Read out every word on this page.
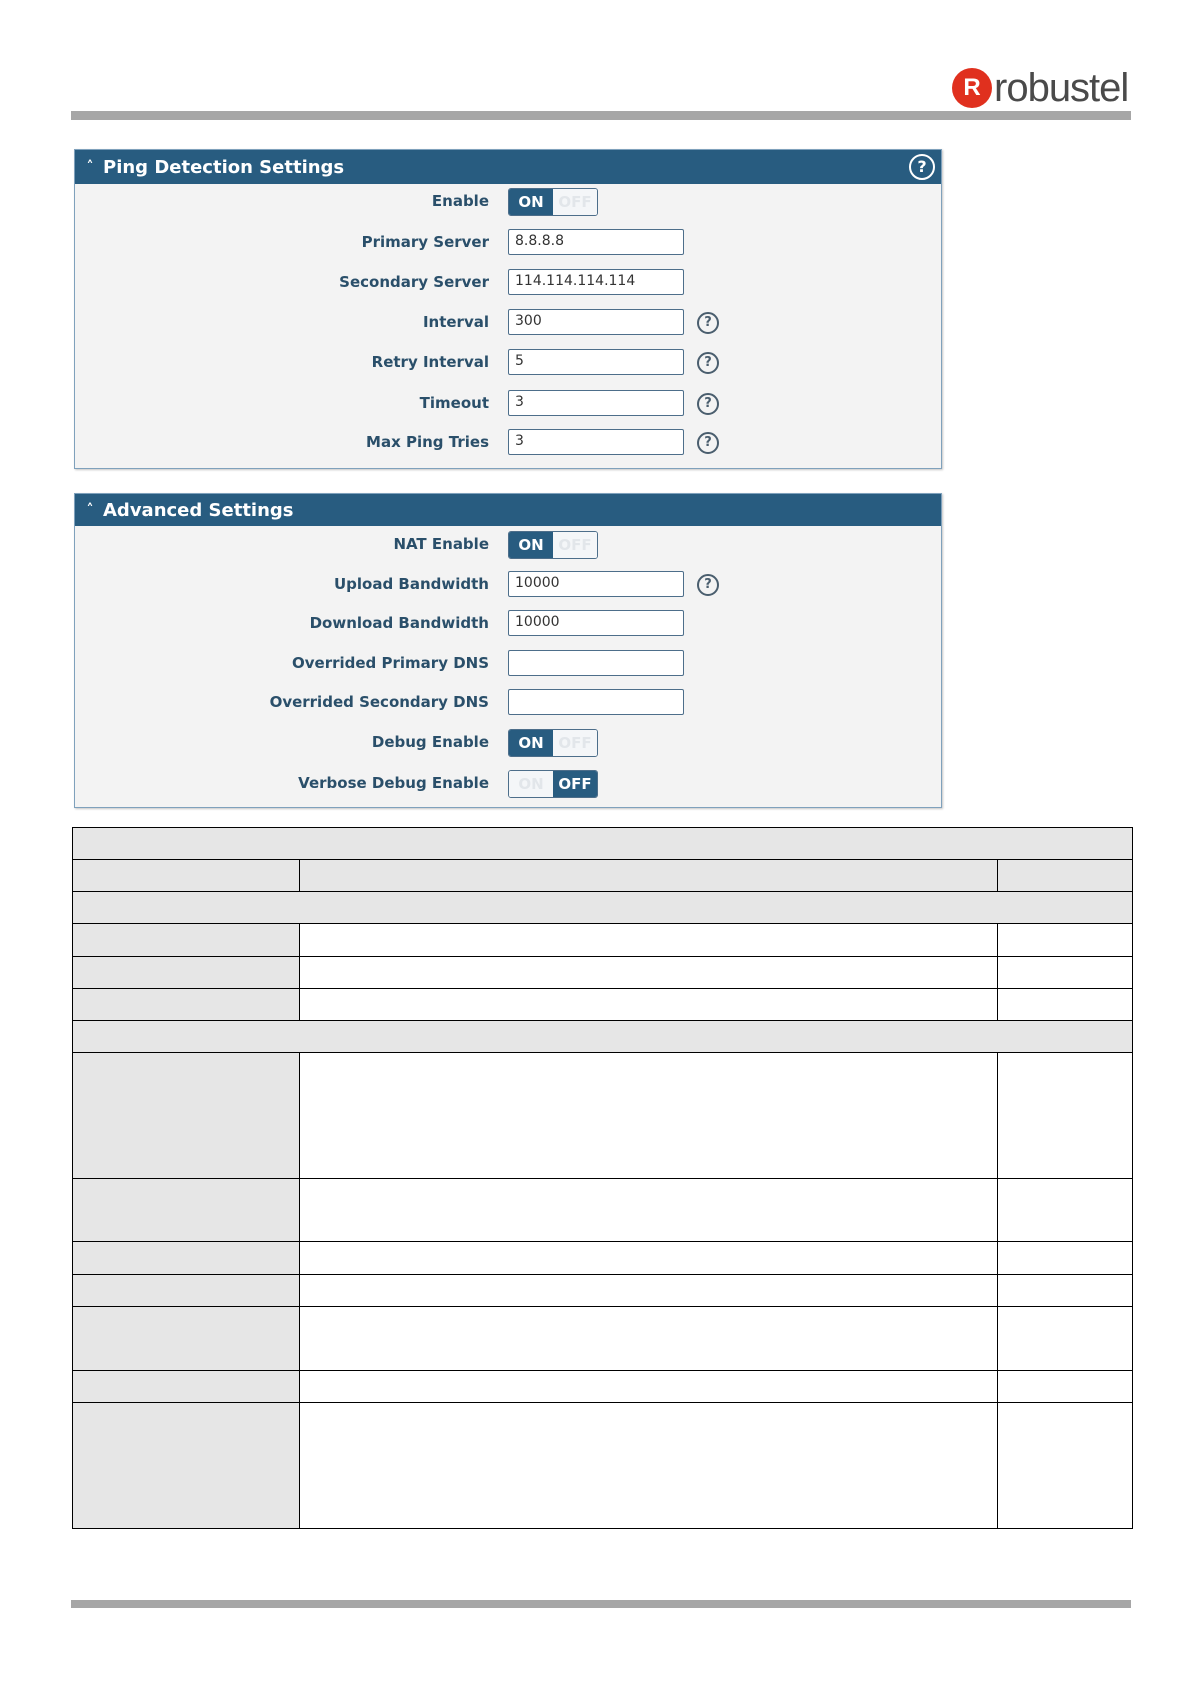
R robustel
˄ Ping Detection Settings	?
Enable	ON OFF
Primary Server	8.8.8.8
Secondary Server	114.114.114.114
Interval	300	?
Retry Interval	5	?
Timeout	3	?
Max Ping Tries	3	?
˄ Advanced Settings
NAT Enable	ON OFF
Upload Bandwidth	10000	?
Download Bandwidth	10000
Overrided Primary DNS
Overrided Secondary DNS
Debug Enable	ON OFF
Verbose Debug Enable	ON OFF
